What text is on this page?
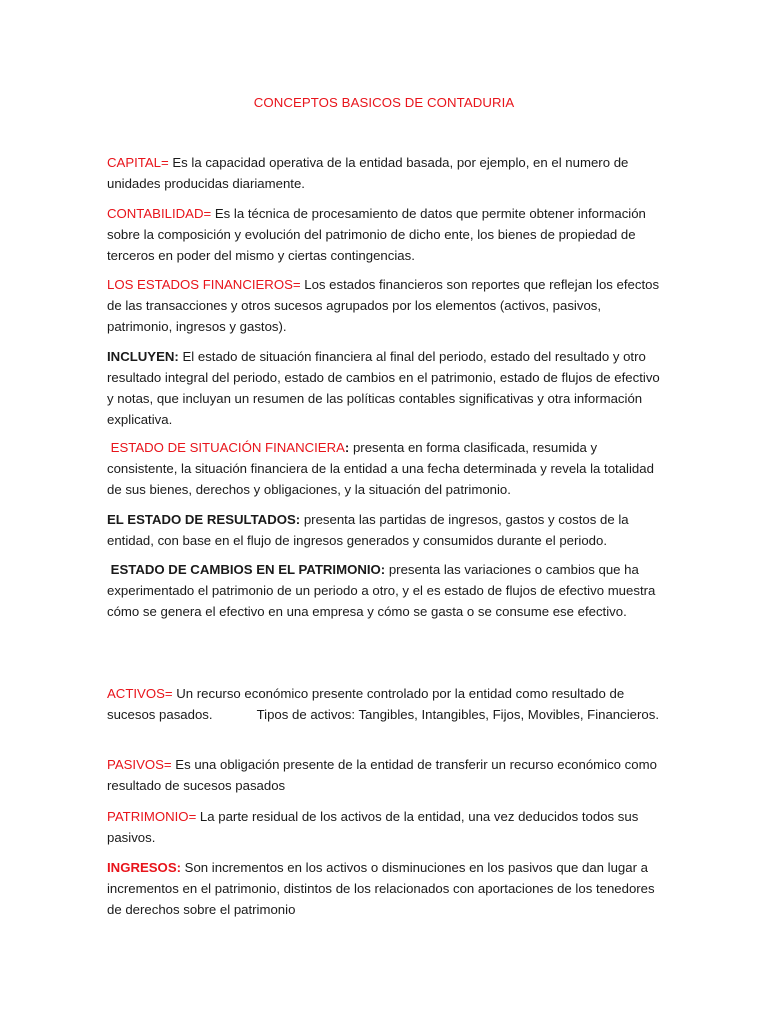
CONCEPTOS BASICOS DE CONTADURIA

CAPITAL= Es la capacidad operativa de la entidad basada, por ejemplo, en el numero de unidades producidas diariamente.

CONTABILIDAD= Es la técnica de procesamiento de datos que permite obtener información sobre la composición y evolución del patrimonio de dicho ente, los bienes de propiedad de terceros en poder del mismo y ciertas contingencias.

LOS ESTADOS FINANCIEROS= Los estados financieros son reportes que reflejan los efectos de las transacciones y otros sucesos agrupados por los elementos (activos, pasivos, patrimonio, ingresos y gastos).

INCLUYEN: El estado de situación financiera al final del periodo, estado del resultado y otro resultado integral del periodo, estado de cambios en el patrimonio, estado de flujos de efectivo y notas, que incluyan un resumen de las políticas contables significativas y otra información explicativa.

ESTADO DE SITUACIÓN FINANCIERA: presenta en forma clasificada, resumida y consistente, la situación financiera de la entidad a una fecha determinada y revela la totalidad de sus bienes, derechos y obligaciones, y la situación del patrimonio.

EL ESTADO DE RESULTADOS: presenta las partidas de ingresos, gastos y costos de la entidad, con base en el flujo de ingresos generados y consumidos durante el periodo.

ESTADO DE CAMBIOS EN EL PATRIMONIO: presenta las variaciones o cambios que ha experimentado el patrimonio de un periodo a otro, y el es estado de flujos de efectivo muestra cómo se genera el efectivo en una empresa y cómo se gasta o se consume ese efectivo.

ACTIVOS= Un recurso económico presente controlado por la entidad como resultado de sucesos pasados.	Tipos de activos: Tangibles, Intangibles, Fijos, Movibles, Financieros.

PASIVOS= Es una obligación presente de la entidad de transferir un recurso económico como resultado de sucesos pasados

PATRIMONIO= La parte residual de los activos de la entidad, una vez deducidos todos sus pasivos.

INGRESOS: Son incrementos en los activos o disminuciones en los pasivos que dan lugar a incrementos en el patrimonio, distintos de los relacionados con aportaciones de los tenedores de derechos sobre el patrimonio
